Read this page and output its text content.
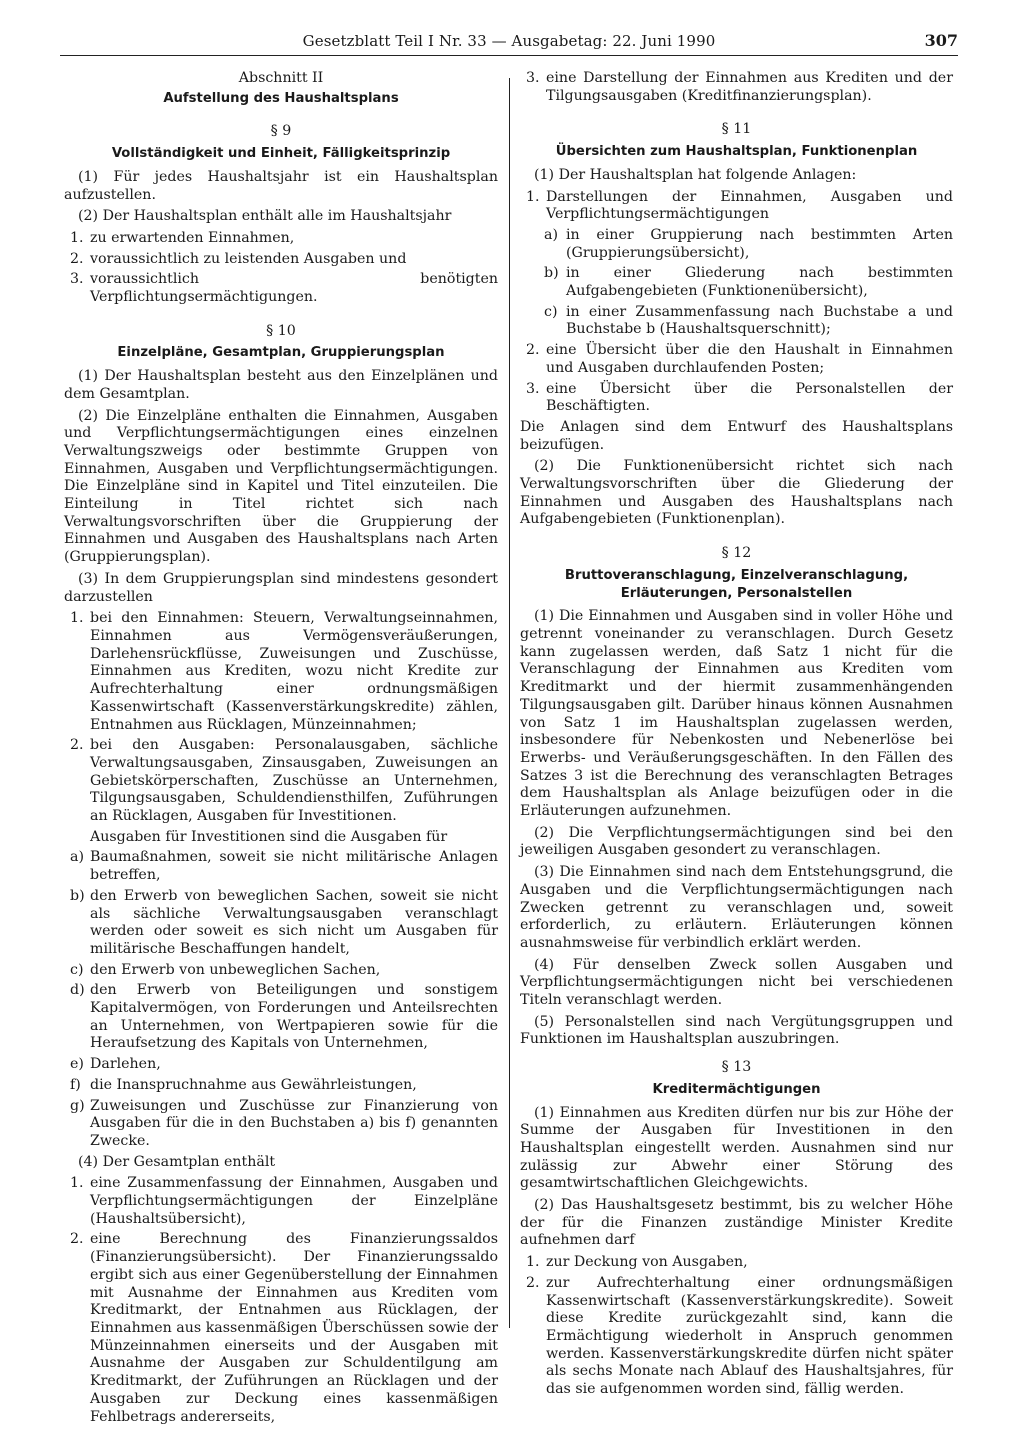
Gesetzblatt Teil I Nr. 33 — Ausgabetag: 22. Juni 1990	307

Abschnitt II

Aufstellung des Haushaltsplans

§ 9

Vollständigkeit und Einheit, Fälligkeitsprinzip

(1) Für jedes Haushaltsjahr ist ein Haushaltsplan aufzustellen.

(2) Der Haushaltsplan enthält alle im Haushaltsjahr

1. zu erwartenden Einnahmen,
2. voraussichtlich zu leistenden Ausgaben und
3. voraussichtlich benötigten Verpflichtungsermächtigungen.

§ 10

Einzelpläne, Gesamtplan, Gruppierungsplan

(1) Der Haushaltsplan besteht aus den Einzelplänen und dem Gesamtplan.

(2) Die Einzelpläne enthalten die Einnahmen, Ausgaben und Verpflichtungsermächtigungen eines einzelnen Verwaltungszweigs oder bestimmte Gruppen von Einnahmen, Ausgaben und Verpflichtungsermächtigungen. Die Einzelpläne sind in Kapitel und Titel einzuteilen. Die Einteilung in Titel richtet sich nach Verwaltungsvorschriften über die Gruppierung der Einnahmen und Ausgaben des Haushaltsplans nach Arten (Gruppierungsplan).

(3) In dem Gruppierungsplan sind mindestens gesondert darzustellen

1. bei den Einnahmen: Steuern, Verwaltungseinnahmen, Einnahmen aus Vermögensveräußerungen, Darlehensrückflüsse, Zuweisungen und Zuschüsse, Einnahmen aus Krediten, wozu nicht Kredite zur Aufrechterhaltung einer ordnungsmäßigen Kassenwirtschaft (Kassenverstärkungskredite) zählen, Entnahmen aus Rücklagen, Münzeinnahmen;
2. bei den Ausgaben: Personalausgaben, sächliche Verwaltungsausgaben, Zinsausgaben, Zuweisungen an Gebietskörperschaften, Zuschüsse an Unternehmen, Tilgungsausgaben, Schuldendiensthilfen, Zuführungen an Rücklagen, Ausgaben für Investitionen.

Ausgaben für Investitionen sind die Ausgaben für

a) Baumaßnahmen, soweit sie nicht militärische Anlagen betreffen,
b) den Erwerb von beweglichen Sachen, soweit sie nicht als sächliche Verwaltungsausgaben veranschlagt werden oder soweit es sich nicht um Ausgaben für militärische Beschaffungen handelt,
c) den Erwerb von unbeweglichen Sachen,
d) den Erwerb von Beteiligungen und sonstigem Kapitalvermögen, von Forderungen und Anteilsrechten an Unternehmen, von Wertpapieren sowie für die Heraufsetzung des Kapitals von Unternehmen,
e) Darlehen,
f) die Inanspruchnahme aus Gewährleistungen,
g) Zuweisungen und Zuschüsse zur Finanzierung von Ausgaben für die in den Buchstaben a) bis f) genannten Zwecke.

(4) Der Gesamtplan enthält

1. eine Zusammenfassung der Einnahmen, Ausgaben und Verpflichtungsermächtigungen der Einzelpläne (Haushaltsübersicht),
2. eine Berechnung des Finanzierungssaldos (Finanzierungsübersicht). Der Finanzierungssaldo ergibt sich aus einer Gegenüberstellung der Einnahmen mit Ausnahme der Einnahmen aus Krediten vom Kreditmarkt, der Entnahmen aus Rücklagen, der Einnahmen aus kassenmäßigen Überschüssen sowie der Münzeinnahmen einerseits und der Ausgaben mit Ausnahme der Ausgaben zur Schuldentilgung am Kreditmarkt, der Zuführungen an Rücklagen und der Ausgaben zur Deckung eines kassenmäßigen Fehlbetrags andererseits,
3. eine Darstellung der Einnahmen aus Krediten und der Tilgungsausgaben (Kreditfinanzierungsplan).

§ 11

Übersichten zum Haushaltsplan, Funktionenplan

(1) Der Haushaltsplan hat folgende Anlagen:

1. Darstellungen der Einnahmen, Ausgaben und Verpflichtungsermächtigungen
a) in einer Gruppierung nach bestimmten Arten (Gruppierungsübersicht),
b) in einer Gliederung nach bestimmten Aufgabengebieten (Funktionenübersicht),
c) in einer Zusammenfassung nach Buchstabe a und Buchstabe b (Haushaltsquerschnitt);
2. eine Übersicht über die den Haushalt in Einnahmen und Ausgaben durchlaufenden Posten;
3. eine Übersicht über die Personalstellen der Beschäftigten.

Die Anlagen sind dem Entwurf des Haushaltsplans beizufügen.

(2) Die Funktionenübersicht richtet sich nach Verwaltungsvorschriften über die Gliederung der Einnahmen und Ausgaben des Haushaltsplans nach Aufgabengebieten (Funktionenplan).

§ 12

Bruttoveranschlagung, Einzelveranschlagung, Erläuterungen, Personalstellen

(1) Die Einnahmen und Ausgaben sind in voller Höhe und getrennt voneinander zu veranschlagen. Durch Gesetz kann zugelassen werden, daß Satz 1 nicht für die Veranschlagung der Einnahmen aus Krediten vom Kreditmarkt und der hiermit zusammenhängenden Tilgungsausgaben gilt. Darüber hinaus können Ausnahmen von Satz 1 im Haushaltsplan zugelassen werden, insbesondere für Nebenkosten und Nebenerlöse bei Erwerbs- und Veräußerungsgeschäften. In den Fällen des Satzes 3 ist die Berechnung des veranschlagten Betrages dem Haushaltsplan als Anlage beizufügen oder in die Erläuterungen aufzunehmen.

(2) Die Verpflichtungsermächtigungen sind bei den jeweiligen Ausgaben gesondert zu veranschlagen.

(3) Die Einnahmen sind nach dem Entstehungsgrund, die Ausgaben und die Verpflichtungsermächtigungen nach Zwecken getrennt zu veranschlagen und, soweit erforderlich, zu erläutern. Erläuterungen können ausnahmsweise für verbindlich erklärt werden.

(4) Für denselben Zweck sollen Ausgaben und Verpflichtungsermächtigungen nicht bei verschiedenen Titeln veranschlagt werden.

(5) Personalstellen sind nach Vergütungsgruppen und Funktionen im Haushaltsplan auszubringen.

§ 13

Kreditermächtigungen

(1) Einnahmen aus Krediten dürfen nur bis zur Höhe der Summe der Ausgaben für Investitionen in den Haushaltsplan eingestellt werden. Ausnahmen sind nur zulässig zur Abwehr einer Störung des gesamtwirtschaftlichen Gleichgewichts.

(2) Das Haushaltsgesetz bestimmt, bis zu welcher Höhe der für die Finanzen zuständige Minister Kredite aufnehmen darf

1. zur Deckung von Ausgaben,
2. zur Aufrechterhaltung einer ordnungsmäßigen Kassenwirtschaft (Kassenverstärkungskredite). Soweit diese Kredite zurückgezahlt sind, kann die Ermächtigung wiederholt in Anspruch genommen werden. Kassenverstärkungskredite dürfen nicht später als sechs Monate nach Ablauf des Haushaltsjahres, für das sie aufgenommen worden sind, fällig werden.
